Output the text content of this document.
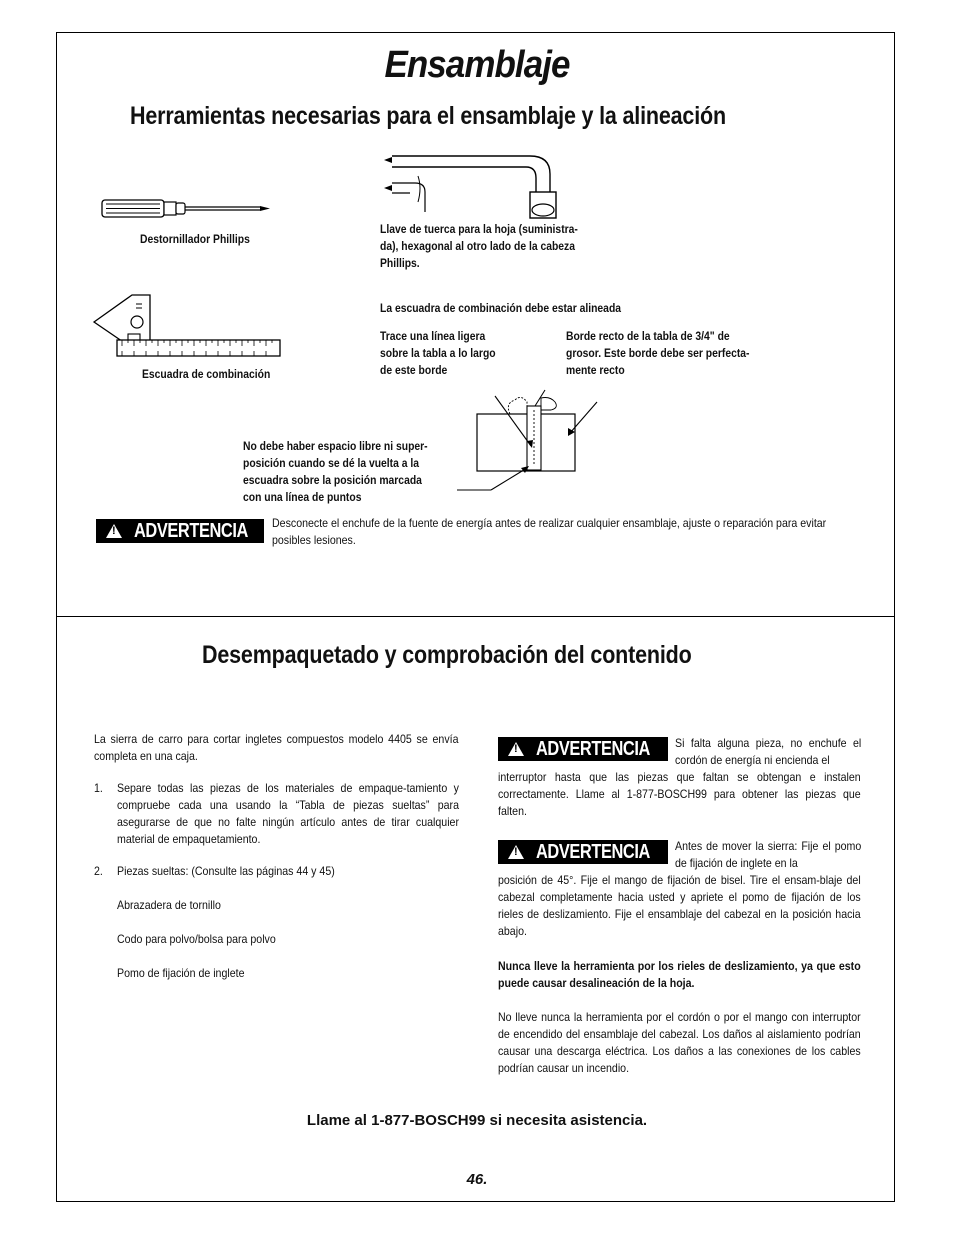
Ensamblaje
Herramientas necesarias para el ensamblaje y la alineación
Destornillador Phillips
Llave de tuerca para la hoja (suministra-
da), hexagonal al otro lado de la cabeza
Phillips.
Escuadra de combinación
La escuadra de combinación debe estar alineada
Trace una línea ligera
sobre la tabla a lo largo
de este borde
Borde recto de la tabla de 3/4" de
grosor. Este borde debe ser perfecta-
mente recto
No debe haber espacio libre ni super-
posición cuando se dé la vuelta a la
escuadra sobre la posición marcada
con una línea de puntos
!
ADVERTENCIA Desconecte el enchufe de la fuente de energía antes de realizar cualquier ensamblaje, ajuste o reparación para evitar posibles lesiones.
Desempaquetado y comprobación del contenido
La sierra de carro para cortar ingletes compuestos modelo 4405 se envía completa en una caja.
1. Separe todas las piezas de los materiales de empaque-tamiento y compruebe cada una usando la “Tabla de piezas sueltas” para asegurarse de que no falte ningún artículo antes de tirar cualquier material de empaquetamiento.
2. Piezas sueltas: (Consulte las páginas 44 y 45)
Abrazadera de tornillo
Codo para polvo/bolsa para polvo
Pomo de fijación de inglete
!
ADVERTENCIA Si falta alguna pieza, no enchufe el cordón de energía ni encienda el
interruptor hasta que las piezas que faltan se obtengan e instalen correctamente. Llame al 1-877-BOSCH99 para obtener las piezas que falten.
!
ADVERTENCIA Antes de mover la sierra: Fije el pomo de fijación de inglete en la
posición de 45°. Fije el mango de fijación de bisel. Tire el ensam-blaje del cabezal completamente hacia usted y apriete el pomo de fijación de los rieles de deslizamiento. Fije el ensamblaje del cabezal en la posición hacia abajo.
Nunca lleve la herramienta por los rieles de deslizamiento, ya que esto puede causar desalineación de la hoja.
No lleve nunca la herramienta por el cordón o por el mango con interruptor de encendido del ensamblaje del cabezal. Los daños al aislamiento podrían causar una descarga eléctrica. Los daños a las conexiones de los cables podrían causar un incendio.
Llame al 1-877-BOSCH99 si necesita asistencia.
46.
